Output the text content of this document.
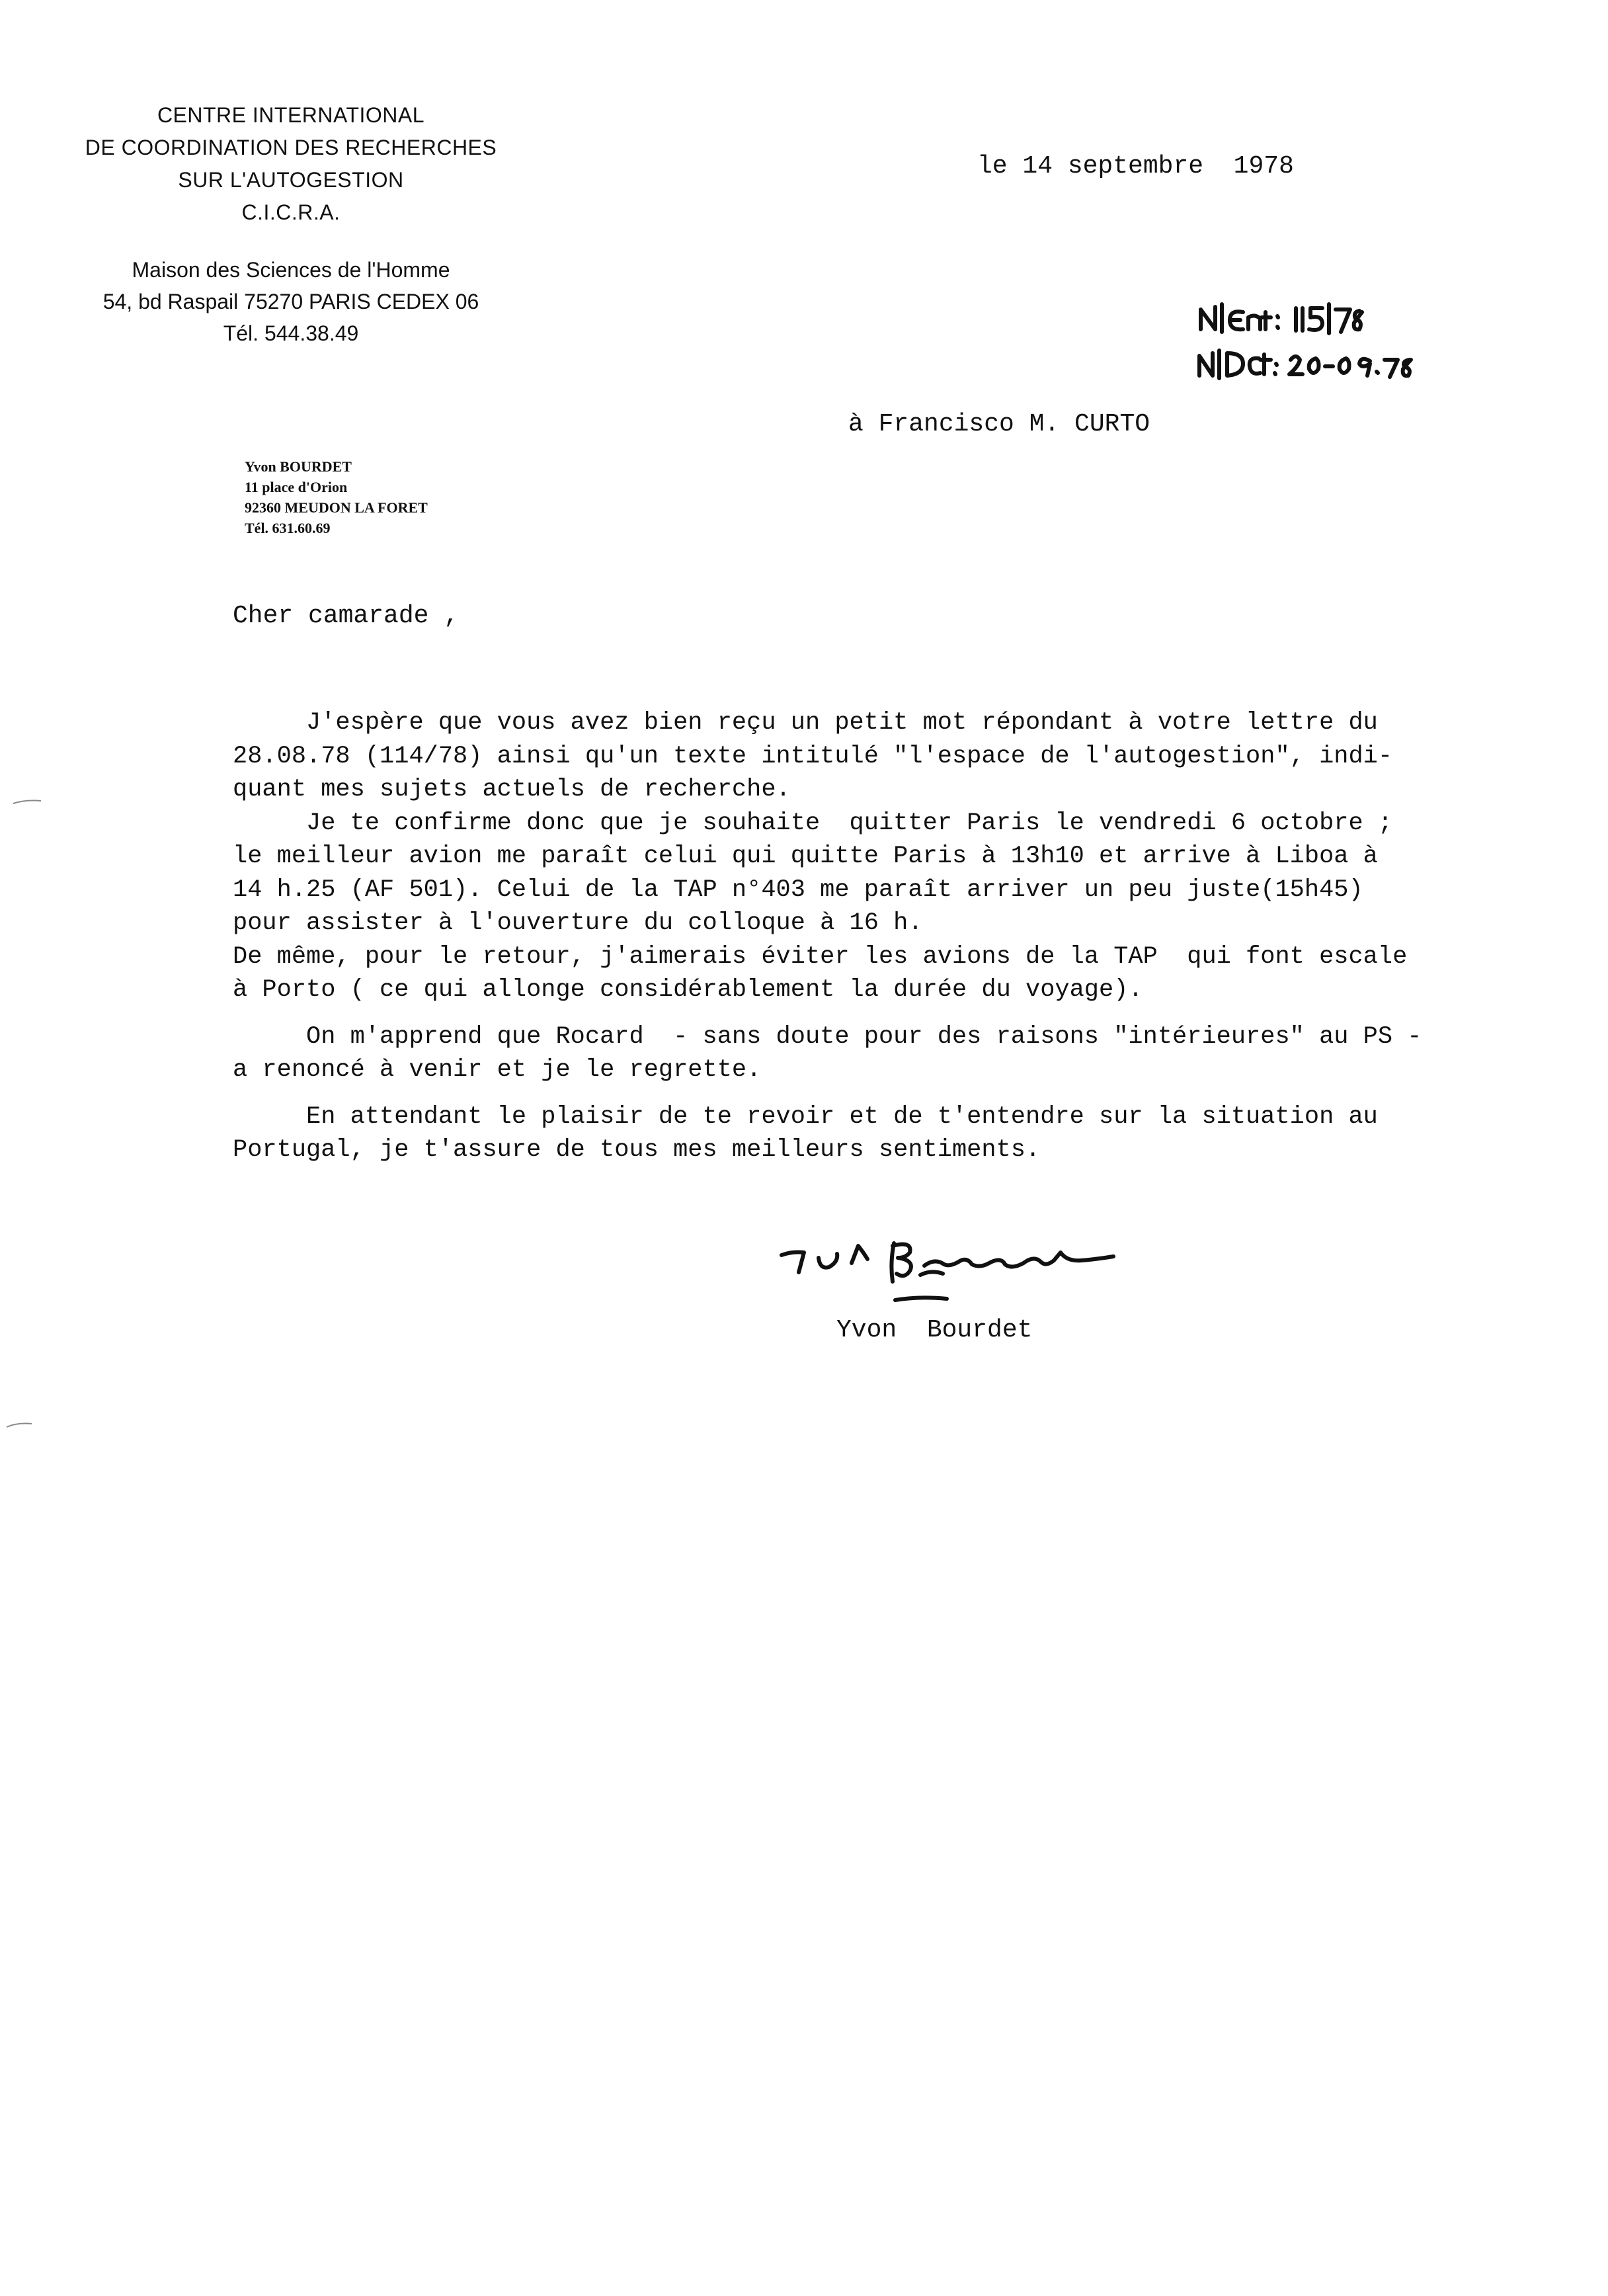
CENTRE INTERNATIONAL
DE COORDINATION DES RECHERCHES
SUR L'AUTOGESTION
C.I.C.R.A.
Maison des Sciences de l'Homme
54, bd Raspail 75270 PARIS CEDEX 06
Tél. 544.38.49
Yvon BOURDET
11 place d'Orion
92360 MEUDON LA FORET
Tél. 631.60.69
le 14 septembre  1978
à Francisco M. CURTO
Cher camarade ,

J'espère que vous avez bien reçu un petit mot répondant à votre lettre du

28.08.78 (114/78) ainsi qu'un texte intitulé "l'espace de l'autogestion", indi-

quant mes sujets actuels de recherche.

Je te confirme donc que je souhaite  quitter Paris le vendredi 6 octobre ;

le meilleur avion me paraît celui qui quitte Paris à 13h10 et arrive à Liboa à

14 h.25 (AF 501). Celui de la TAP n°403 me paraît arriver un peu juste(15h45)

pour assister à l'ouverture du colloque à 16 h.

De même, pour le retour, j'aimerais éviter les avions de la TAP  qui font escale

à Porto ( ce qui allonge considérablement la durée du voyage).

On m'apprend que Rocard  - sans doute pour des raisons "intérieures" au PS -

a renoncé à venir et je le regrette.

En attendant le plaisir de te revoir et de t'entendre sur la situation au

Portugal, je t'assure de tous mes meilleurs sentiments.

Yvon  Bourdet
